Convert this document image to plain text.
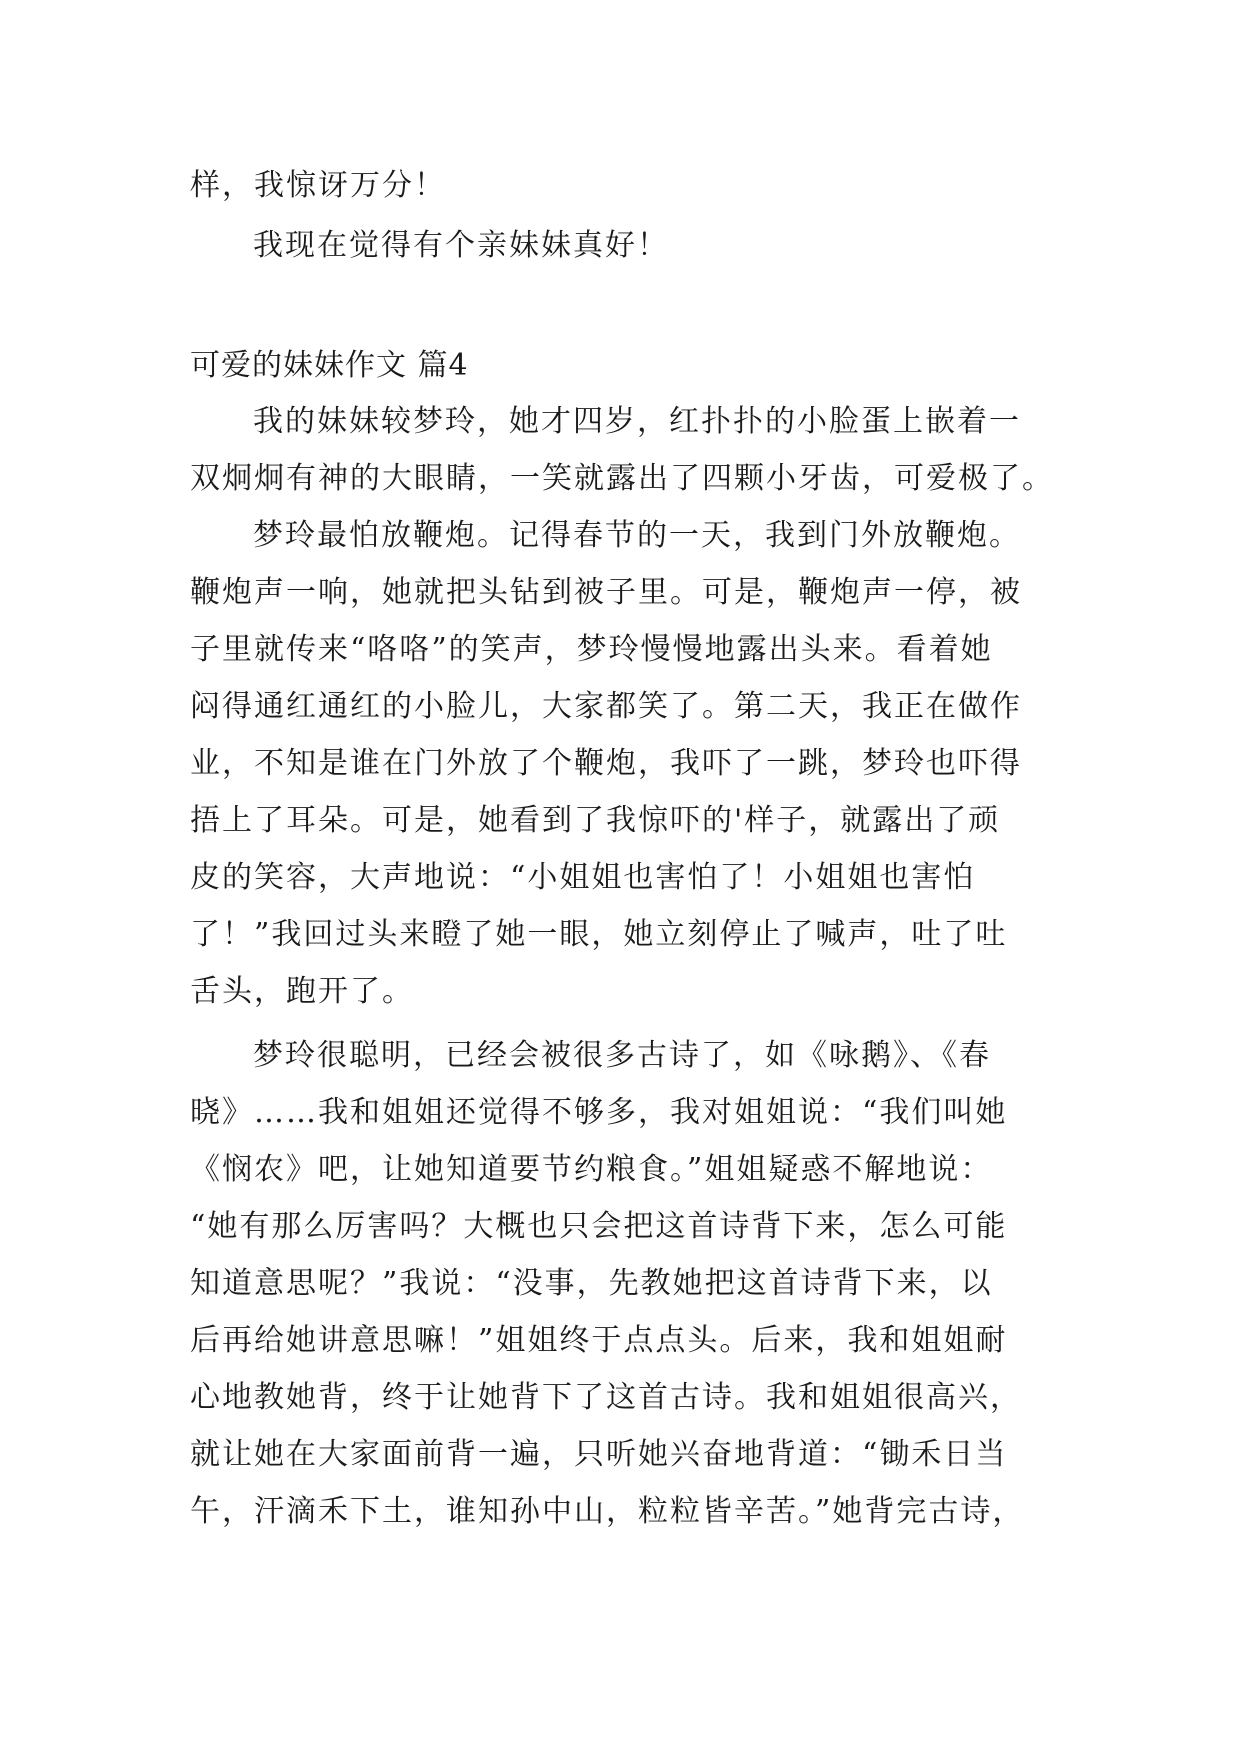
样，我惊讶万分！
我现在觉得有个亲妹妹真好！
可爱的妹妹作文 篇4
我的妹妹较梦玲，她才四岁，红扑扑的小脸蛋上嵌着一
双炯炯有神的大眼睛，一笑就露出了四颗小牙齿，可爱极了。
梦玲最怕放鞭炮。记得春节的一天，我到门外放鞭炮。
鞭炮声一响，她就把头钻到被子里。可是，鞭炮声一停，被
子里就传来“咯咯”的笑声，梦玲慢慢地露出头来。看着她
闷得通红通红的小脸儿，大家都笑了。第二天，我正在做作
业，不知是谁在门外放了个鞭炮，我吓了一跳，梦玲也吓得
捂上了耳朵。可是，她看到了我惊吓的'样子，就露出了顽
皮的笑容，大声地说：“小姐姐也害怕了！小姐姐也害怕
了！”我回过头来瞪了她一眼，她立刻停止了喊声，吐了吐
舌头，跑开了。
梦玲很聪明，已经会被很多古诗了，如《咏鹅》、《春
晓》……我和姐姐还觉得不够多，我对姐姐说：“我们叫她
《悯农》吧，让她知道要节约粮食。”姐姐疑惑不解地说：
“她有那么厉害吗？大概也只会把这首诗背下来，怎么可能
知道意思呢？”我说：“没事，先教她把这首诗背下来，以
后再给她讲意思嘛！”姐姐终于点点头。后来，我和姐姐耐
心地教她背，终于让她背下了这首古诗。我和姐姐很高兴，
就让她在大家面前背一遍，只听她兴奋地背道：“锄禾日当
午，汗滴禾下土，谁知孙中山，粒粒皆辛苦。”她背完古诗，
